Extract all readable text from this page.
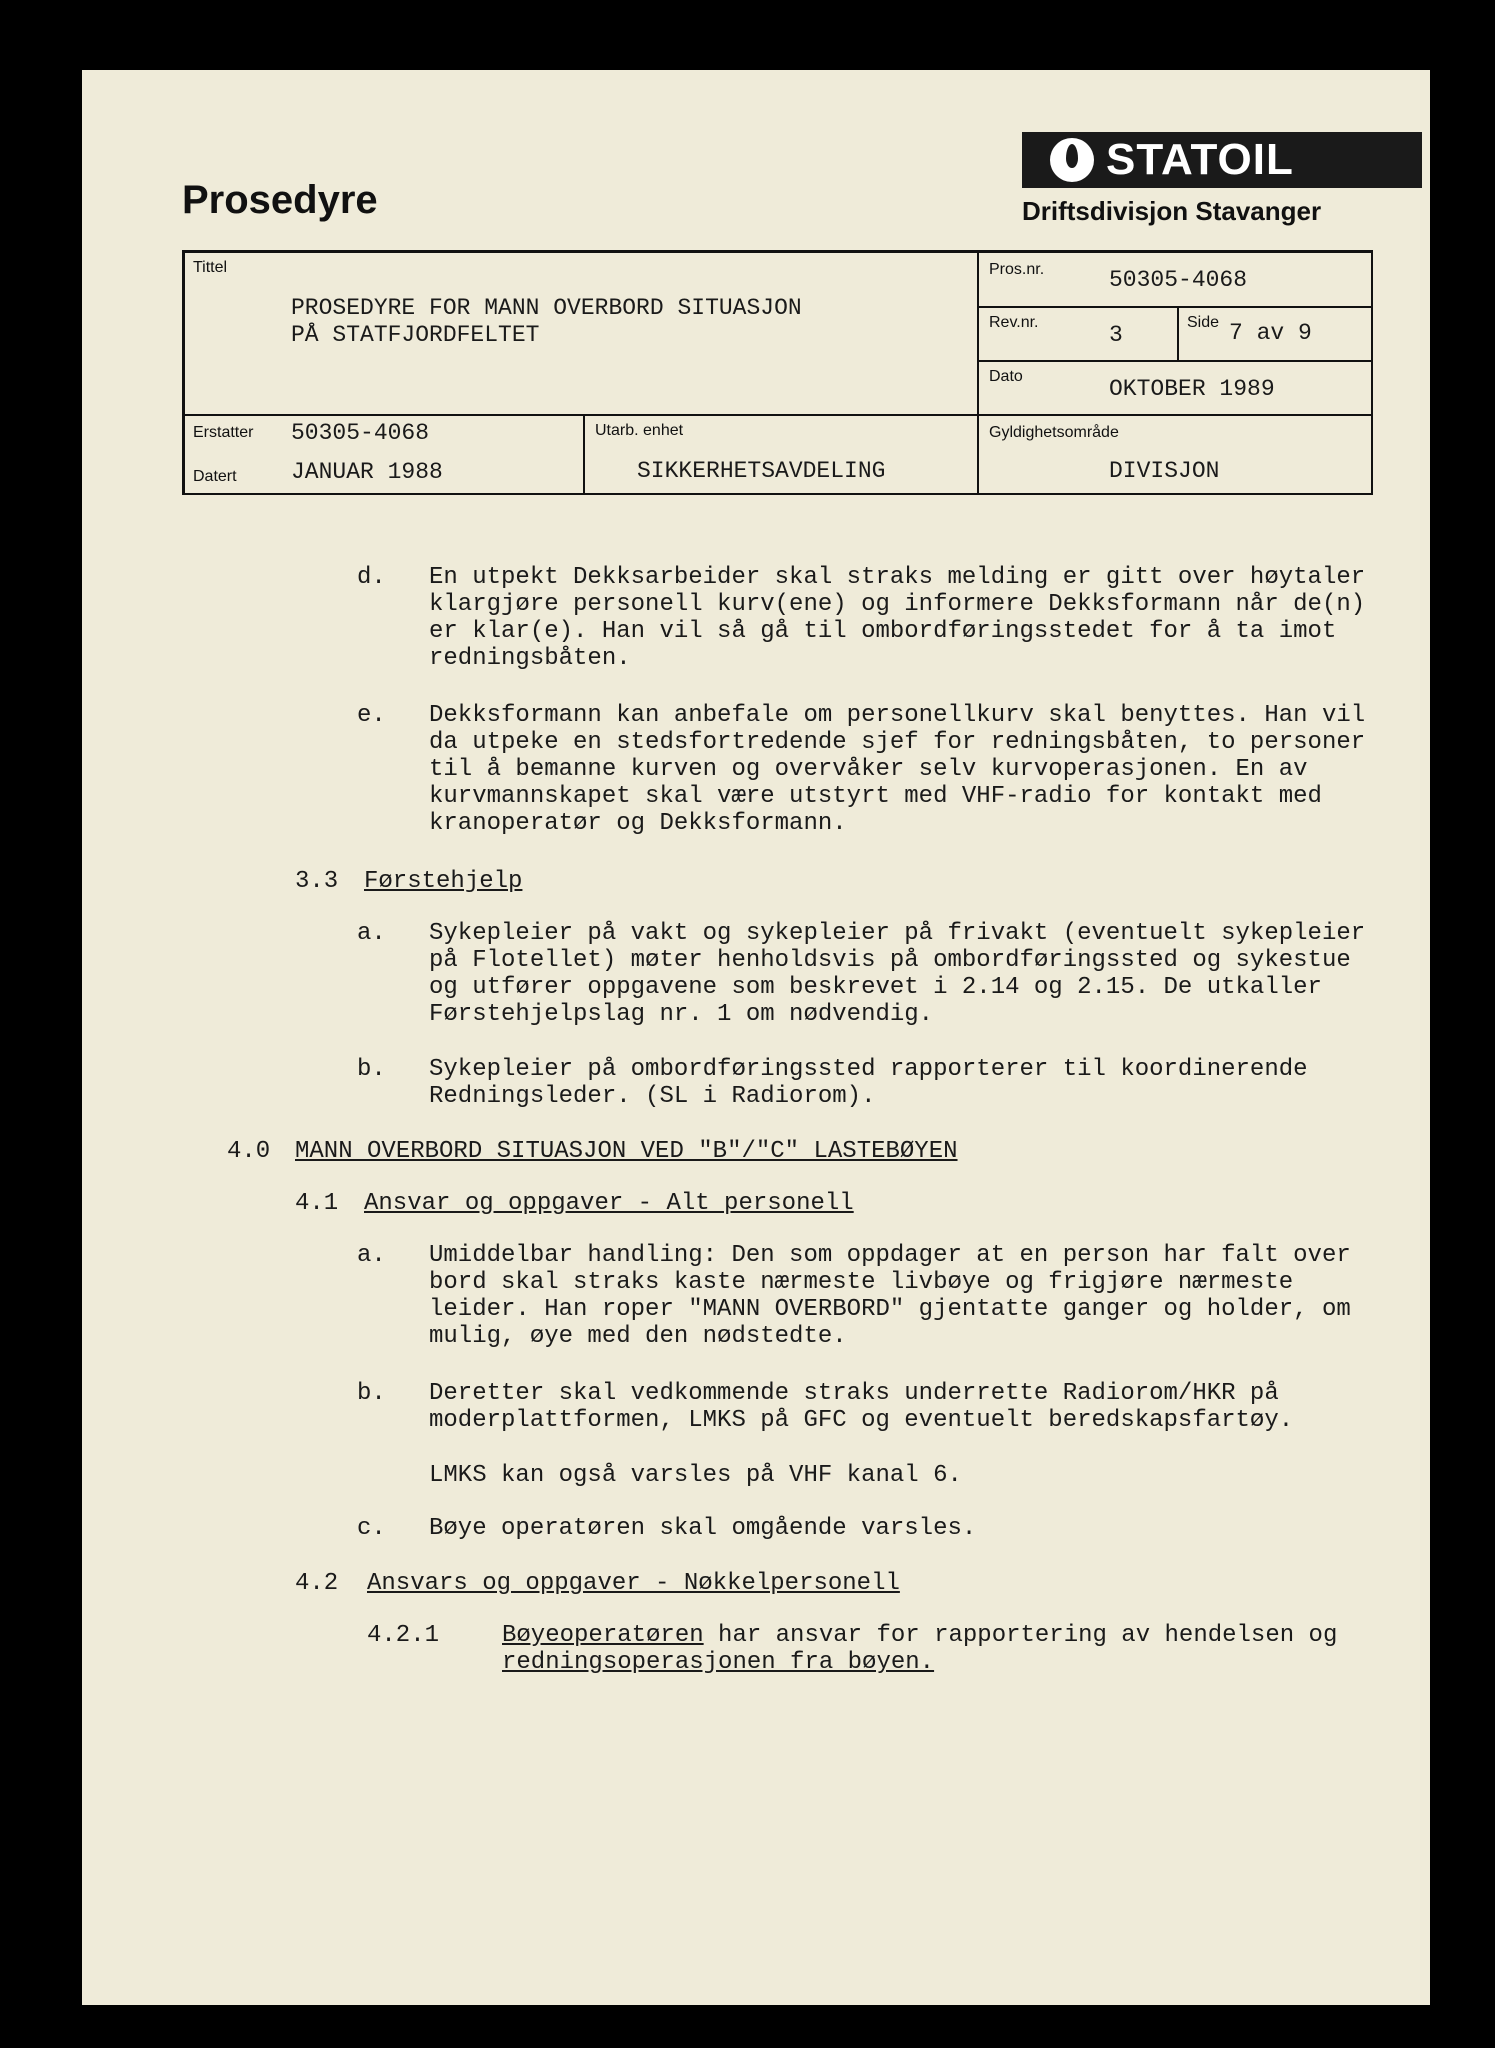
Prosedyre
STATOIL
Driftsdivisjon Stavanger
Tittel
PROSEDYRE FOR MANN OVERBORD SITUASJON
PÅ STATFJORDFELTET
Pros.nr.	50305-4068
Rev.nr.	3	Side 7 av 9
Dato	OKTOBER 1989
Erstatter 50305-4068
Datert JANUAR 1988
Utarb. enhet
SIKKERHETSAVDELING
Gyldighetsområde
DIVISJON
d. En utpekt Dekksarbeider skal straks melding er gitt over høytaler
klargjøre personell kurv(ene) og informere Dekksformann når de(n)
er klar(e). Han vil så gå til ombordføringsstedet for å ta imot
redningsbåten.
e. Dekksformann kan anbefale om personellkurv skal benyttes. Han vil
da utpeke en stedsfortredende sjef for redningsbåten, to personer
til å bemanne kurven og overvåker selv kurvoperasjonen. En av
kurvmannskapet skal være utstyrt med VHF-radio for kontakt med
kranoperatør og Dekksformann.
3.3 Førstehjelp
a. Sykepleier på vakt og sykepleier på frivakt (eventuelt sykepleier
på Flotellet) møter henholdsvis på ombordføringssted og sykestue
og utfører oppgavene som beskrevet i 2.14 og 2.15. De utkaller
Førstehjelpslag nr. 1 om nødvendig.
b. Sykepleier på ombordføringssted rapporterer til koordinerende
Redningsleder. (SL i Radiorom).
4.0 MANN OVERBORD SITUASJON VED "B"/"C" LASTEBØYEN
4.1 Ansvar og oppgaver - Alt personell
a. Umiddelbar handling: Den som oppdager at en person har falt over
bord skal straks kaste nærmeste livbøye og frigjøre nærmeste
leider. Han roper "MANN OVERBORD" gjentatte ganger og holder, om
mulig, øye med den nødstedte.
b. Deretter skal vedkommende straks underrette Radiorom/HKR på
moderplattformen, LMKS på GFC og eventuelt beredskapsfartøy.
LMKS kan også varsles på VHF kanal 6.
c. Bøye operatøren skal omgående varsles.
4.2 Ansvars og oppgaver - Nøkkelpersonell
4.2.1	Bøyeoperatøren har ansvar for rapportering av hendelsen og
redningsoperasjonen fra bøyen.
